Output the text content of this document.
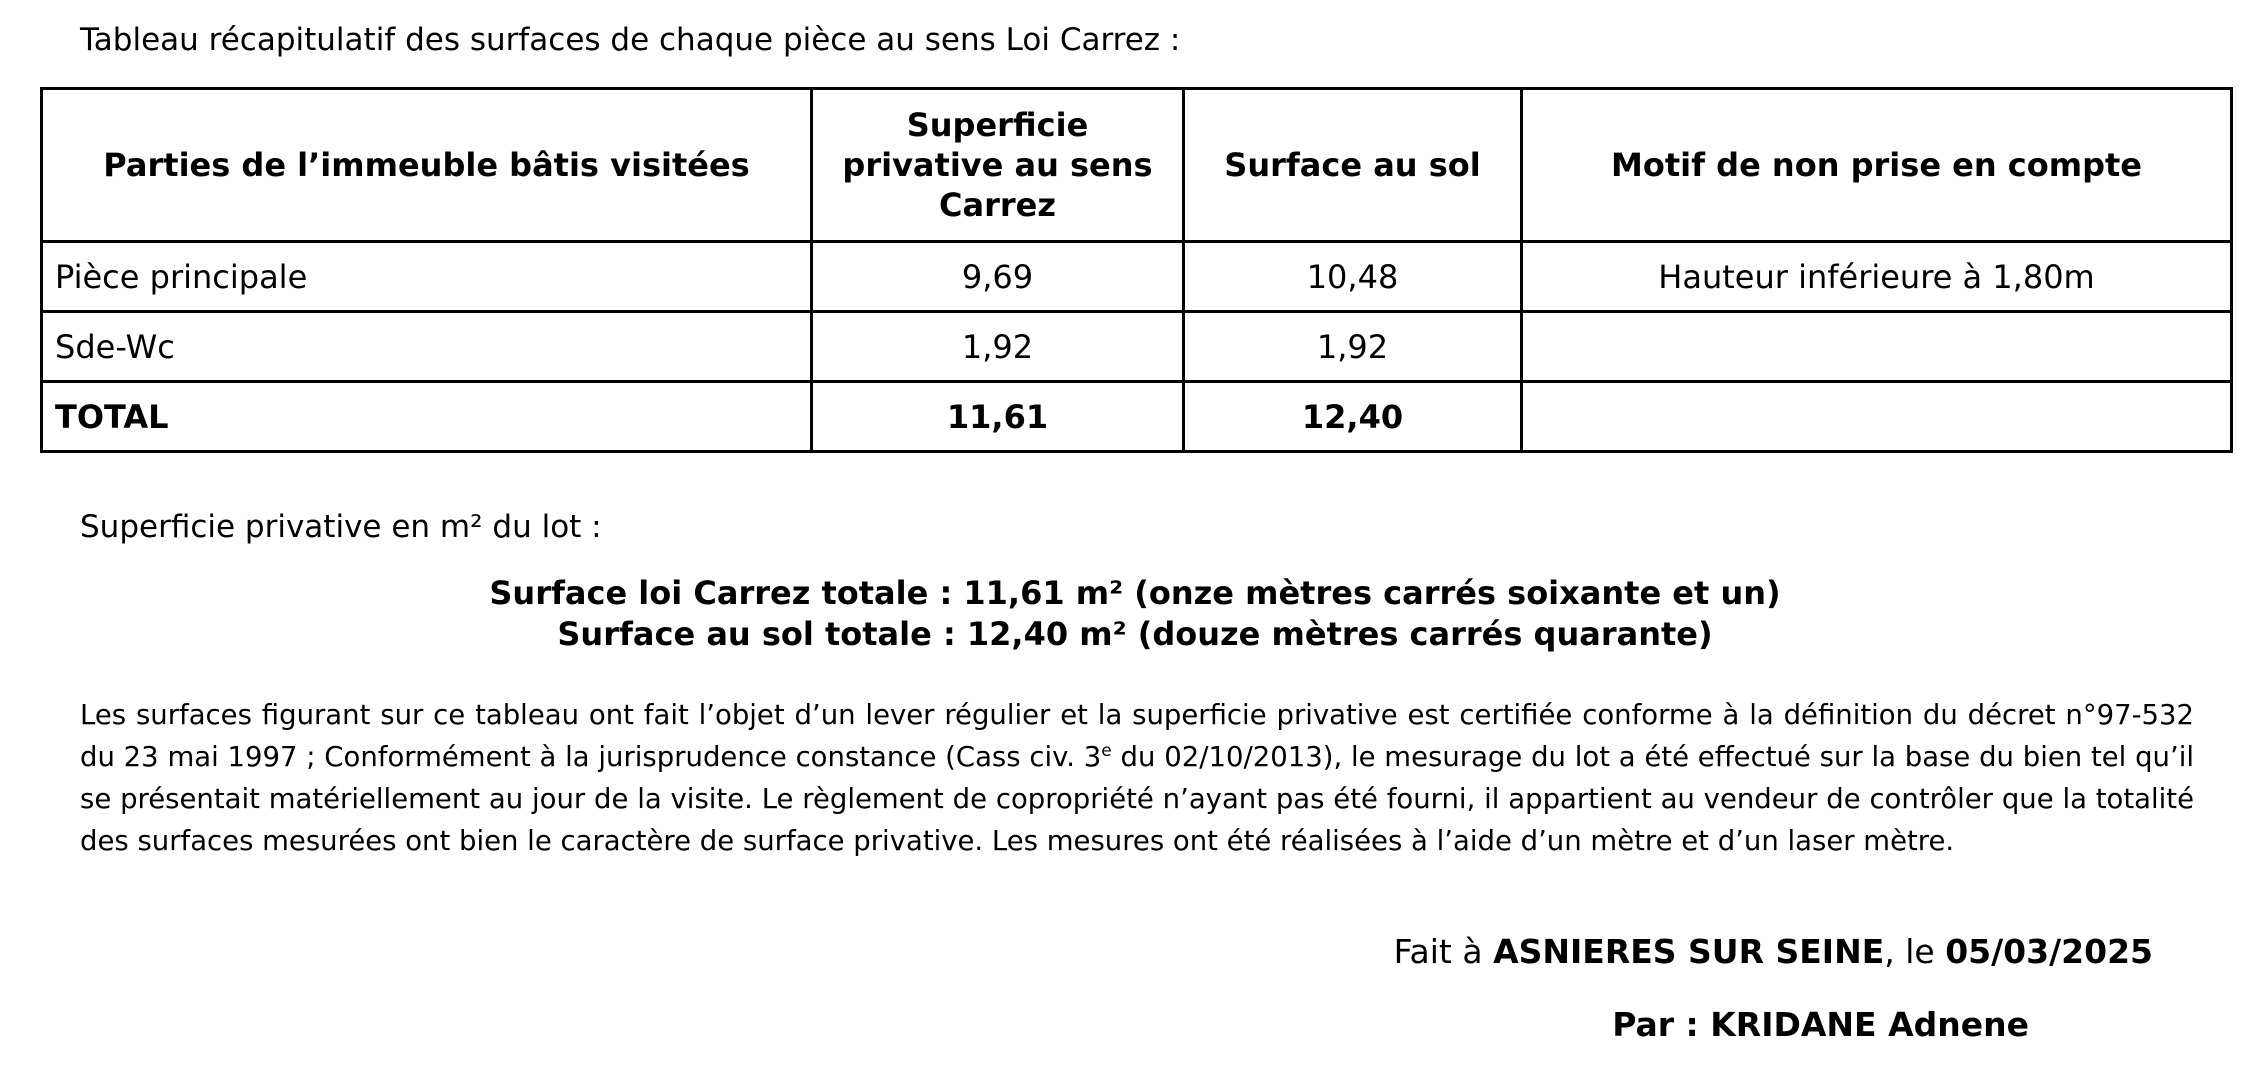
Tableau récapitulatif des surfaces de chaque pièce au sens Loi Carrez :
Parties de l’immeuble bâtis visitées	Superficie privative au sens Carrez	Surface au sol	Motif de non prise en compte
Pièce principale	9,69	10,48	Hauteur inférieure à 1,80m
Sde-Wc	1,92	1,92	
TOTAL	11,61	12,40	
Superficie privative en m² du lot :
Surface loi Carrez totale : 11,61 m² (onze mètres carrés soixante et un)
Surface au sol totale : 12,40 m² (douze mètres carrés quarante)
Les surfaces figurant sur ce tableau ont fait l’objet d’un lever régulier et la superficie privative est certifiée conforme à la définition du décret n°97-532 du 23 mai 1997 ; Conformément à la jurisprudence constance (Cass civ. 3e du 02/10/2013), le mesurage du lot a été effectué sur la base du bien tel qu’il se présentait matériellement au jour de la visite. Le règlement de copropriété n’ayant pas été fourni, il appartient au vendeur de contrôler que la totalité des surfaces mesurées ont bien le caractère de surface privative. Les mesures ont été réalisées à l’aide d’un mètre et d’un laser mètre.
Fait à ASNIERES SUR SEINE, le 05/03/2025
Par : KRIDANE Adnene
